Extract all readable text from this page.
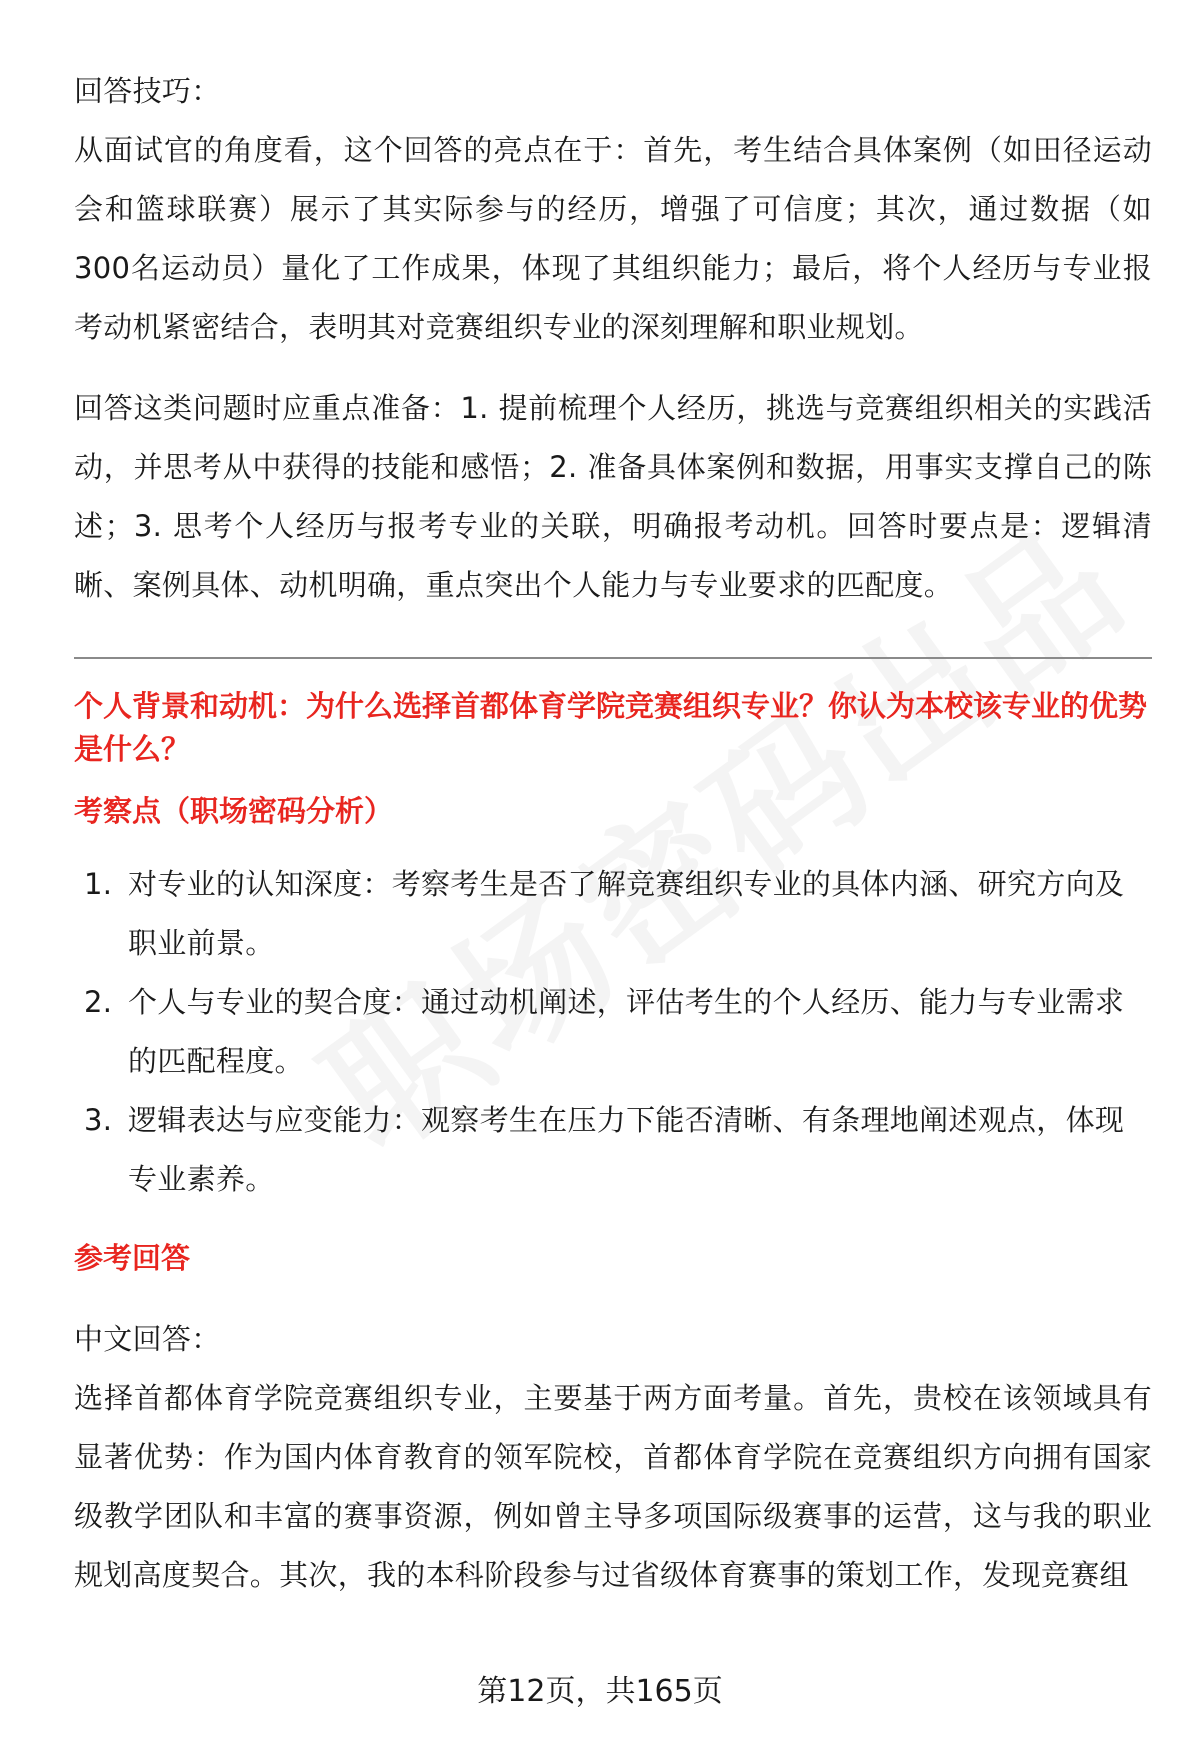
回答技巧：

从面试官的角度看，这个回答的亮点在于：首先，考生结合具体案例（如田径运动会和篮球联赛）展示了其实际参与的经历，增强了可信度；其次，通过数据（如300名运动员）量化了工作成果，体现了其组织能力；最后，将个人经历与专业报考动机紧密结合，表明其对竞赛组织专业的深刻理解和职业规划。

回答这类问题时应重点准备：1. 提前梳理个人经历，挑选与竞赛组织相关的实践活动，并思考从中获得的技能和感悟；2. 准备具体案例和数据，用事实支撑自己的陈述；3. 思考个人经历与报考专业的关联，明确报考动机。回答时要点是：逻辑清晰、案例具体、动机明确，重点突出个人能力与专业要求的匹配度。

个人背景和动机：为什么选择首都体育学院竞赛组织专业？你认为本校该专业的优势是什么？
考察点（职场密码分析）
1. 对专业的认知深度：考察考生是否了解竞赛组织专业的具体内涵、研究方向及职业前景。
2. 个人与专业的契合度：通过动机阐述，评估考生的个人经历、能力与专业需求的匹配程度。
3. 逻辑表达与应变能力：观察考生在压力下能否清晰、有条理地阐述观点，体现专业素养。
参考回答

中文回答：

选择首都体育学院竞赛组织专业，主要基于两方面考量。首先，贵校在该领域具有显著优势：作为国内体育教育的领军院校，首都体育学院在竞赛组织方向拥有国家级教学团队和丰富的赛事资源，例如曾主导多项国际级赛事的运营，这与我的职业规划高度契合。其次，我的本科阶段参与过省级体育赛事的策划工作，发现竞赛组

第12页，共165页
